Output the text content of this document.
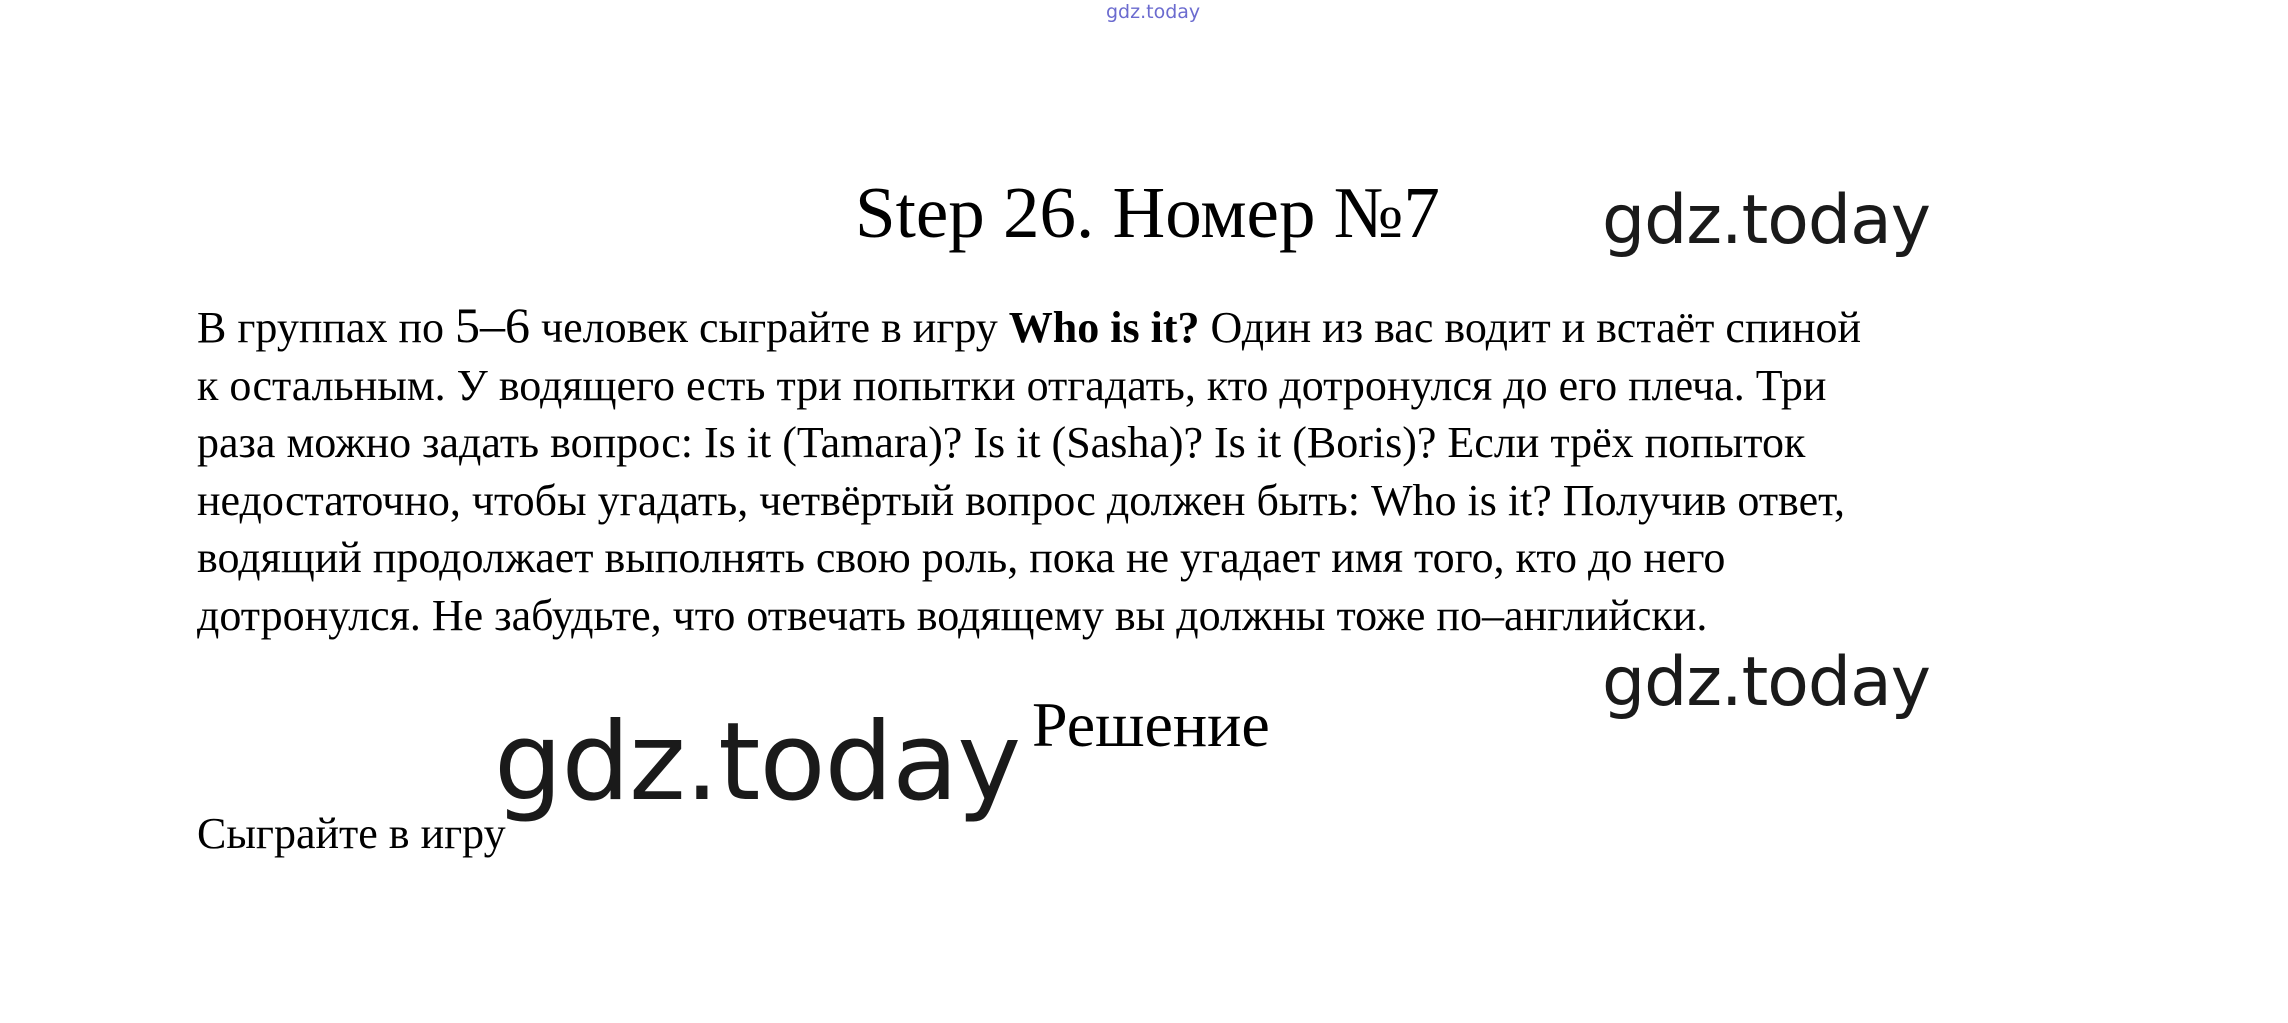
gdz.today
Step 26. Номер №7 gdz.today
В группах по 5–6 человек сыграйте в игру Who is it? Один из вас водит и встаёт спиной
к остальным. У водящего есть три попытки отгадать, кто дотронулся до его плеча. Три
раза можно задать вопрос: Is it (Tamara)? Is it (Sasha)? Is it (Boris)? Если трёх попыток
недостаточно, чтобы угадать, четвёртый вопрос должен быть: Who is it? Получив ответ,
водящий продолжает выполнять свою роль, пока не угадает имя того, кто до него
дотронулся. Не забудьте, что отвечать водящему вы должны тоже по–английски.
gdz.today
gdz.today Решение
Сыграйте в игру
